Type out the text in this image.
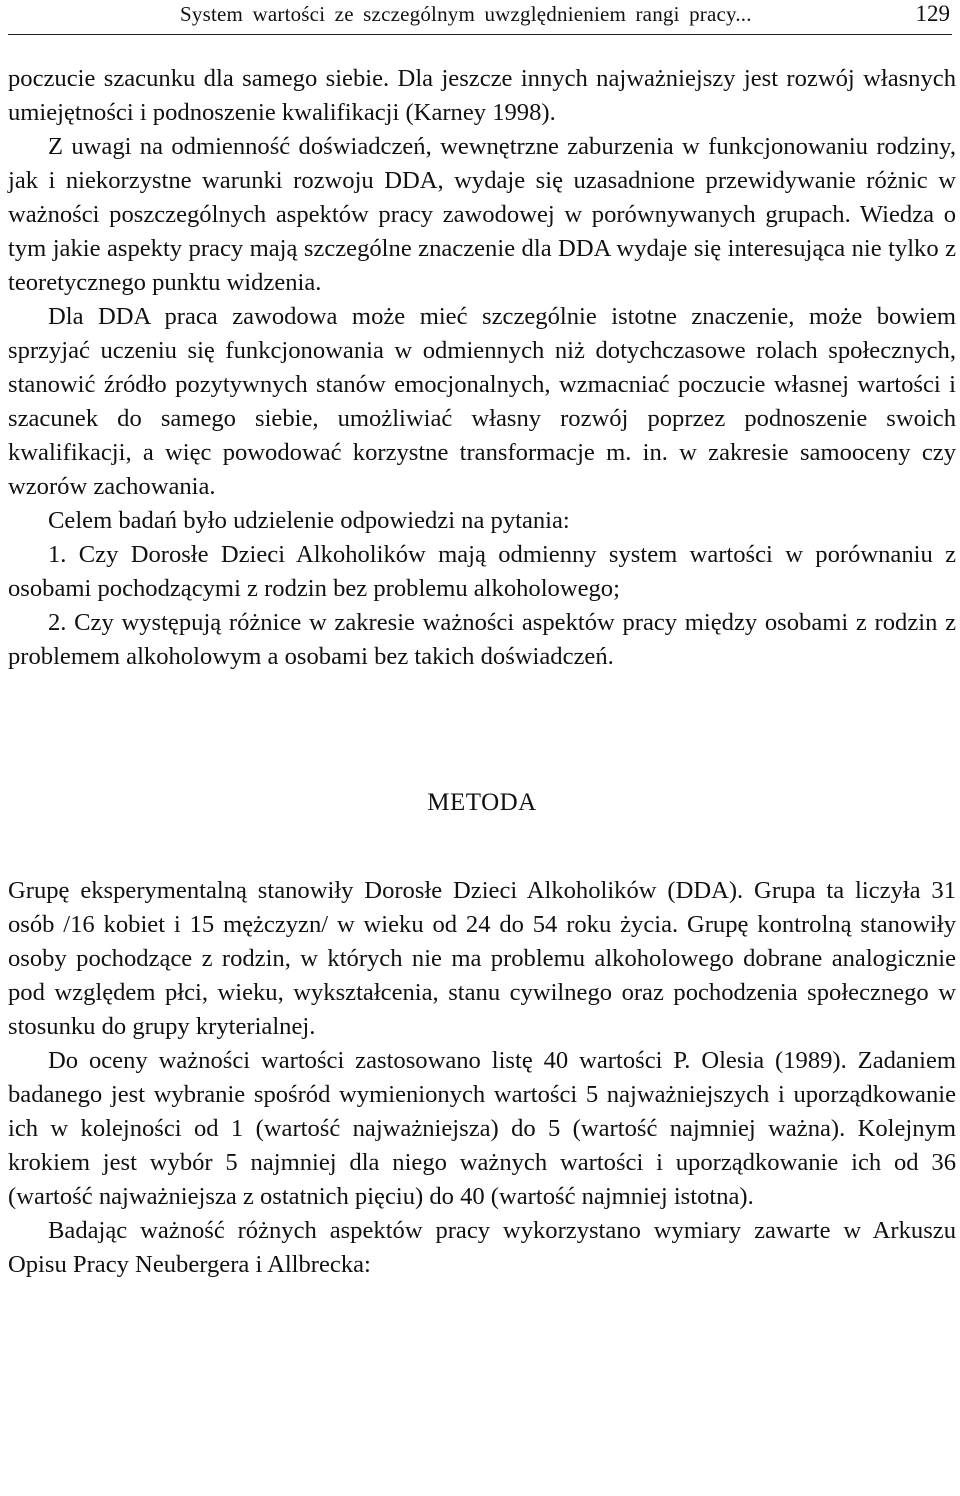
System wartości ze szczególnym uwzględnieniem rangi pracy...	129

poczucie szacunku dla samego siebie. Dla jeszcze innych najważniejszy jest rozwój własnych umiejętności i podnoszenie kwalifikacji (Karney 1998).

Z uwagi na odmienność doświadczeń, wewnętrzne zaburzenia w funkcjonowaniu rodziny, jak i niekorzystne warunki rozwoju DDA, wydaje się uzasadnione przewidywanie różnic w ważności poszczególnych aspektów pracy zawodowej w porównywanych grupach. Wiedza o tym jakie aspekty pracy mają szczególne znaczenie dla DDA wydaje się interesująca nie tylko z teoretycznego punktu widzenia.

Dla DDA praca zawodowa może mieć szczególnie istotne znaczenie, może bowiem sprzyjać uczeniu się funkcjonowania w odmiennych niż dotychczasowe rolach społecznych, stanowić źródło pozytywnych stanów emocjonalnych, wzmacniać poczucie własnej wartości i szacunek do samego siebie, umożliwiać własny rozwój poprzez podnoszenie swoich kwalifikacji, a więc powodować korzystne transformacje m. in. w zakresie samooceny czy wzorów zachowania.

Celem badań było udzielenie odpowiedzi na pytania:

1. Czy Dorosłe Dzieci Alkoholików mają odmienny system wartości w porównaniu z osobami pochodzącymi z rodzin bez problemu alkoholowego;

2. Czy występują różnice w zakresie ważności aspektów pracy między osobami z rodzin z problemem alkoholowym a osobami bez takich doświadczeń.

METODA

Grupę eksperymentalną stanowiły Dorosłe Dzieci Alkoholików (DDA). Grupa ta liczyła 31 osób /16 kobiet i 15 mężczyzn/ w wieku od 24 do 54 roku życia. Grupę kontrolną stanowiły osoby pochodzące z rodzin, w których nie ma problemu alkoholowego dobrane analogicznie pod względem płci, wieku, wykształcenia, stanu cywilnego oraz pochodzenia społecznego w stosunku do grupy kryterialnej.

Do oceny ważności wartości zastosowano listę 40 wartości P. Olesia (1989). Zadaniem badanego jest wybranie spośród wymienionych wartości 5 najważniejszych i uporządkowanie ich w kolejności od 1 (wartość najważniejsza) do 5 (wartość najmniej ważna). Kolejnym krokiem jest wybór 5 najmniej dla niego ważnych wartości i uporządkowanie ich od 36 (wartość najważniejsza z ostatnich pięciu) do 40 (wartość najmniej istotna).

Badając ważność różnych aspektów pracy wykorzystano wymiary zawarte w Arkuszu Opisu Pracy Neubergera i Allbrecka:
